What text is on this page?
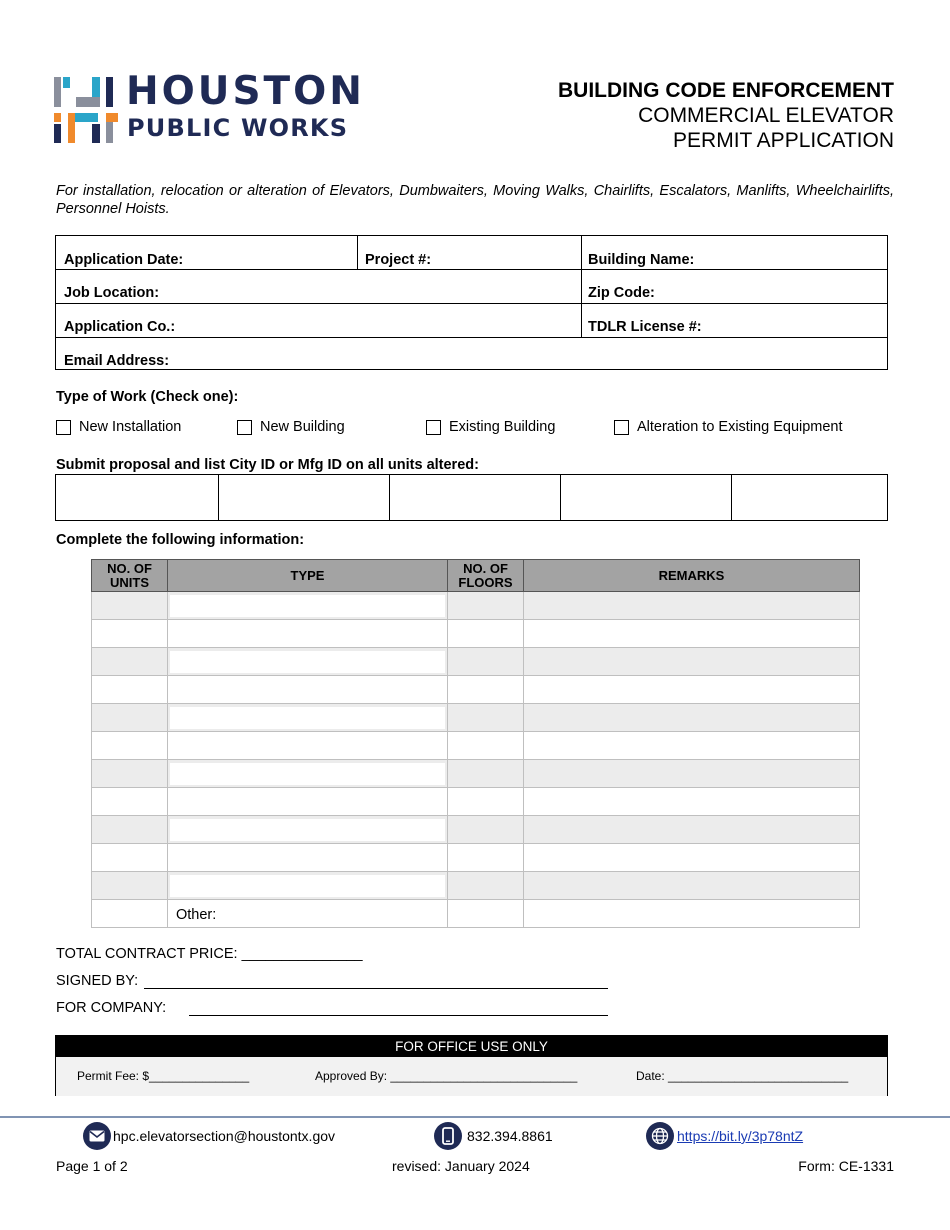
HOUSTON
PUBLIC WORKS
BUILDING CODE ENFORCEMENT
COMMERCIAL ELEVATOR
PERMIT APPLICATION
For installation, relocation or alteration of Elevators, Dumbwaiters, Moving Walks, Chairlifts, Escalators, Manlifts, Wheelchairlifts, Personnel Hoists.
Application Date:	Project #:	Building Name:
Job Location:	Zip Code:
Application Co.:	TDLR License #:
Email Address:
Type of Work (Check one):
New Installation	New Building	Existing Building	Alteration to Existing Equipment
Submit proposal and list City ID or Mfg ID on all units altered:
Complete the following information:
NO. OF UNITS	TYPE	NO. OF FLOORS	REMARKS

	Other:		
TOTAL CONTRACT PRICE: _______________
SIGNED BY:
FOR COMPANY:
FOR OFFICE USE ONLY
Permit Fee: $_______________	Approved By: ____________________________	Date: ___________________________
hpc.elevatorsection@houstontx.gov	832.394.8861	https://bit.ly/3p78ntZ
Page 1 of 2	revised: January 2024	Form: CE-1331
